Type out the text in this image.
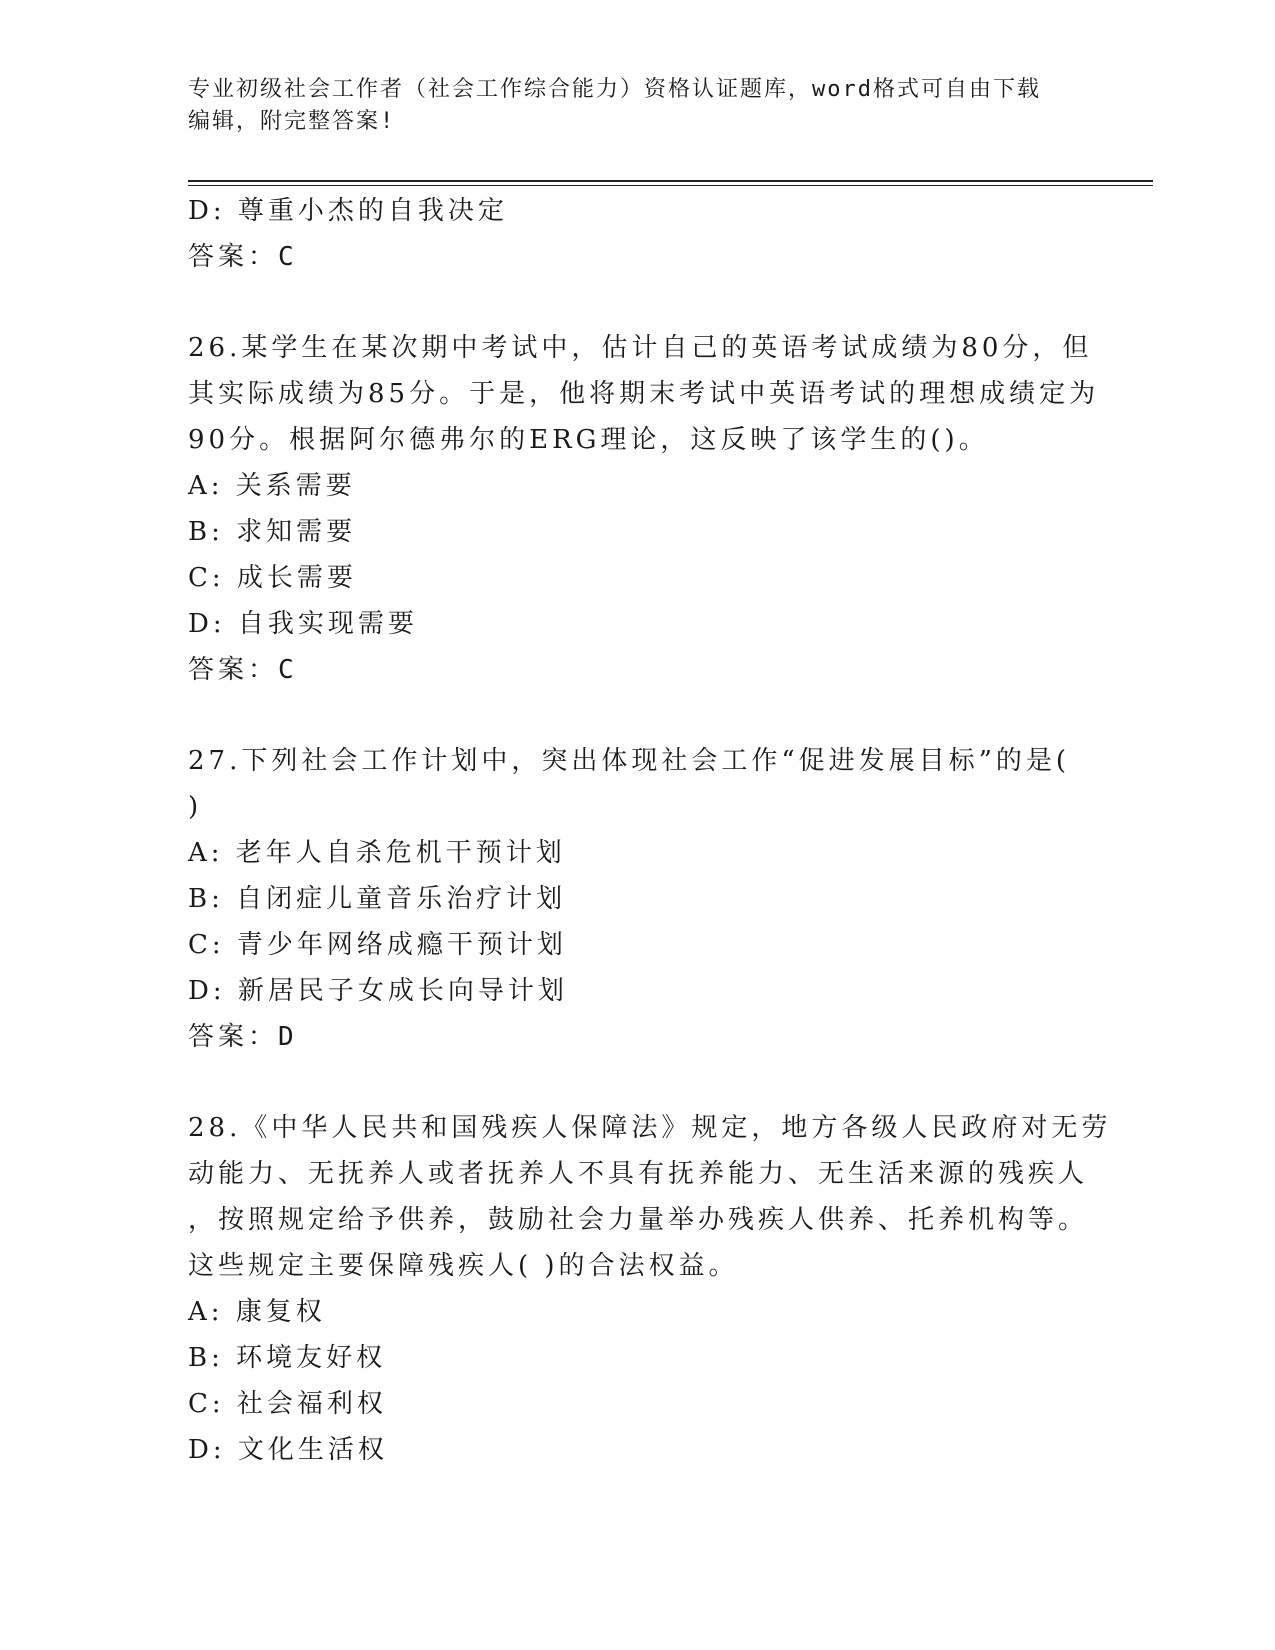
专业初级社会工作者（社会工作综合能力）资格认证题库，word格式可自由下载
编辑，附完整答案!
D: 尊重小杰的自我决定
答案：C
26.某学生在某次期中考试中，估计自己的英语考试成绩为80分，但
其实际成绩为85分。于是，他将期末考试中英语考试的理想成绩定为
90分。根据阿尔德弗尔的ERG理论，这反映了该学生的()。
A: 关系需要
B: 求知需要
C: 成长需要
D: 自我实现需要
答案：C
27.下列社会工作计划中，突出体现社会工作“促进发展目标”的是(
)
A: 老年人自杀危机干预计划
B: 自闭症儿童音乐治疗计划
C: 青少年网络成瘾干预计划
D: 新居民子女成长向导计划
答案：D
28.《中华人民共和国残疾人保障法》规定，地方各级人民政府对无劳
动能力、无抚养人或者抚养人不具有抚养能力、无生活来源的残疾人
，按照规定给予供养，鼓励社会力量举办残疾人供养、托养机构等。
这些规定主要保障残疾人( )的合法权益。
A: 康复权
B: 环境友好权
C: 社会福利权
D: 文化生活权
